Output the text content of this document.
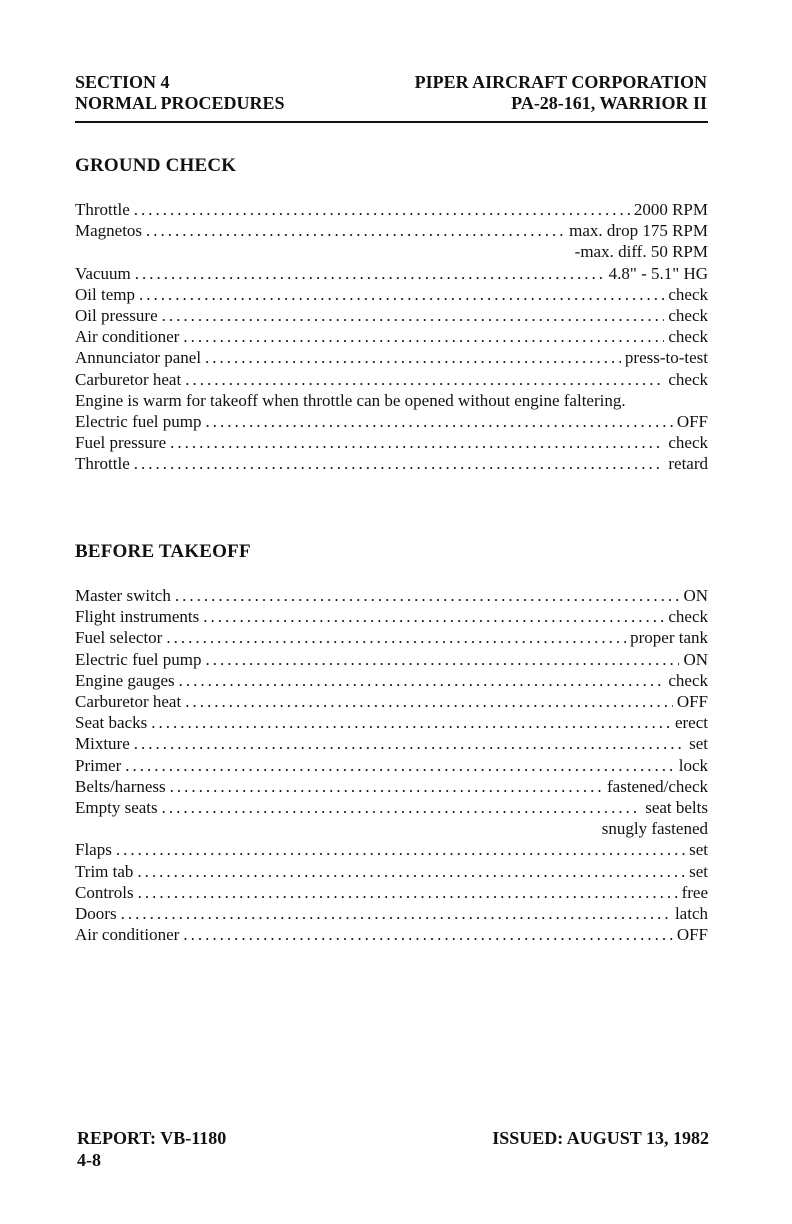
SECTION 4	PIPER AIRCRAFT CORPORATION
NORMAL PROCEDURES	PA-28-161, WARRIOR II
GROUND CHECK
Throttle .....	2000 RPM
Magnetos .....	max. drop 175 RPM
-max. diff. 50 RPM
Vacuum .....	4.8" - 5.1" HG
Oil temp .....	check
Oil pressure .....	check
Air conditioner .....	check
Annunciator panel .....	press-to-test
Carburetor heat .....	check
Engine is warm for takeoff when throttle can be opened without engine faltering.
Electric fuel pump .....	OFF
Fuel pressure .....	check
Throttle .....	retard
BEFORE TAKEOFF
Master switch .....	ON
Flight instruments .....	check
Fuel selector .....	proper tank
Electric fuel pump .....	ON
Engine gauges .....	check
Carburetor heat .....	OFF
Seat backs .....	erect
Mixture .....	set
Primer .....	lock
Belts/harness .....	fastened/check
Empty seats .....	seat belts
snugly fastened
Flaps .....	set
Trim tab .....	set
Controls .....	free
Doors .....	latch
Air conditioner .....	OFF
REPORT: VB-1180	ISSUED: AUGUST 13, 1982
4-8
